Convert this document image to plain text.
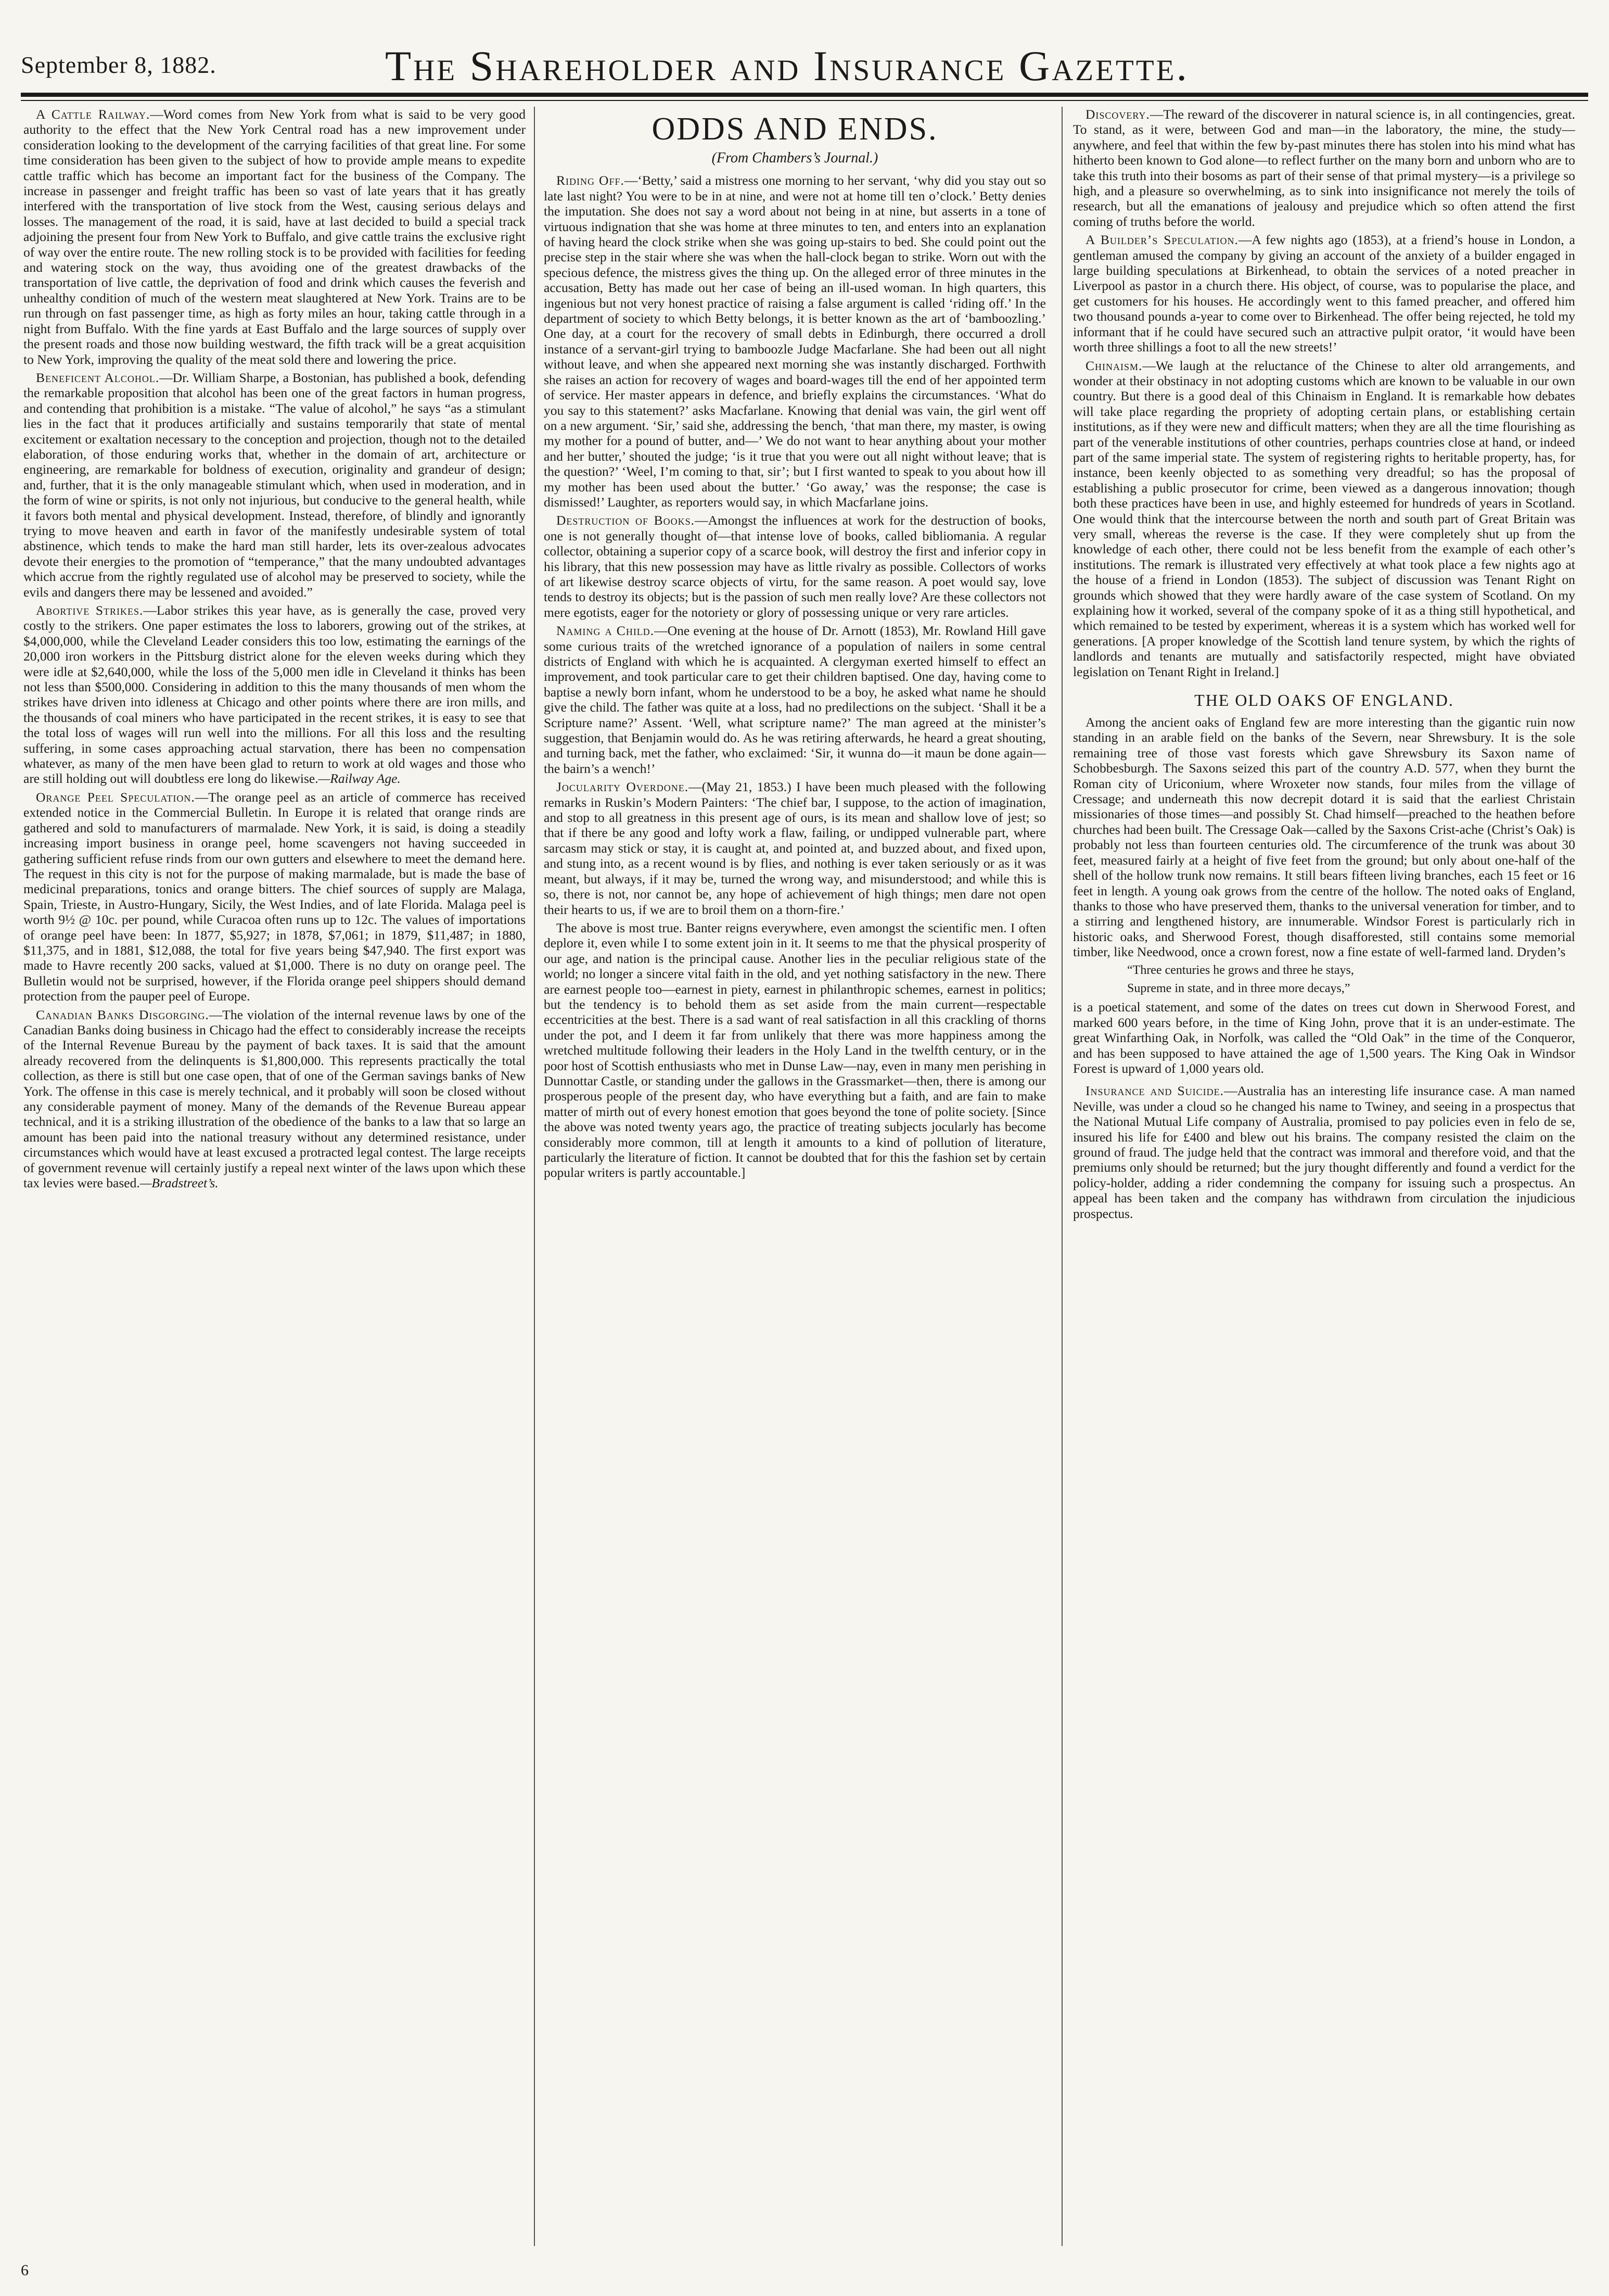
September 8, 1882.	The Shareholder and Insurance Gazette.

A Cattle Railway.—Word comes from New York from what is said to be very good authority to the effect that the New York Central road has a new improvement under consideration looking to the development of the carrying facilities of that great line. For some time consideration has been given to the subject of how to provide ample means to expedite cattle traffic which has become an important fact for the business of the Company. The increase in passenger and freight traffic has been so vast of late years that it has greatly interfered with the transportation of live stock from the West, causing serious delays and losses. The management of the road, it is said, have at last decided to build a special track adjoining the present four from New York to Buffalo, and give cattle trains the exclusive right of way over the entire route. The new rolling stock is to be provided with facilities for feeding and watering stock on the way, thus avoiding one of the greatest drawbacks of the transportation of live cattle, the deprivation of food and drink which causes the feverish and unhealthy condition of much of the western meat slaughtered at New York. Trains are to be run through on fast passenger time, as high as forty miles an hour, taking cattle through in a night from Buffalo. With the fine yards at East Buffalo and the large sources of supply over the present roads and those now building westward, the fifth track will be a great acquisition to New York, improving the quality of the meat sold there and lowering the price.

Beneficent Alcohol.—Dr. William Sharpe, a Bostonian, has published a book, defending the remarkable proposition that alcohol has been one of the great factors in human progress, and contending that prohibition is a mistake. “The value of alcohol,” he says “as a stimulant lies in the fact that it produces artificially and sustains temporarily that state of mental excitement or exaltation necessary to the conception and projection, though not to the detailed elaboration, of those enduring works that, whether in the domain of art, architecture or engineering, are remarkable for boldness of execution, originality and grandeur of design; and, further, that it is the only manageable stimulant which, when used in moderation, and in the form of wine or spirits, is not only not injurious, but conducive to the general health, while it favors both mental and physical development. Instead, therefore, of blindly and ignorantly trying to move heaven and earth in favor of the manifestly undesirable system of total abstinence, which tends to make the hard man still harder, lets its over-zealous advocates devote their energies to the promotion of “temperance,” that the many undoubted advantages which accrue from the rightly regulated use of alcohol may be preserved to society, while the evils and dangers there may be lessened and avoided.”

Abortive Strikes.—Labor strikes this year have, as is generally the case, proved very costly to the strikers. One paper estimates the loss to laborers, growing out of the strikes, at $4,000,000, while the Cleveland Leader considers this too low, estimating the earnings of the 20,000 iron workers in the Pittsburg district alone for the eleven weeks during which they were idle at $2,640,000, while the loss of the 5,000 men idle in Cleveland it thinks has been not less than $500,000. Considering in addition to this the many thousands of men whom the strikes have driven into idleness at Chicago and other points where there are iron mills, and the thousands of coal miners who have participated in the recent strikes, it is easy to see that the total loss of wages will run well into the millions. For all this loss and the resulting suffering, in some cases approaching actual starvation, there has been no compensation whatever, as many of the men have been glad to return to work at old wages and those who are still holding out will doubtless ere long do likewise.—Railway Age.

Orange Peel Speculation.—The orange peel as an article of commerce has received extended notice in the Commercial Bulletin. In Europe it is related that orange rinds are gathered and sold to manufacturers of marmalade. New York, it is said, is doing a steadily increasing import business in orange peel, home scavengers not having succeeded in gathering sufficient refuse rinds from our own gutters and elsewhere to meet the demand here. The request in this city is not for the purpose of making marmalade, but is made the base of medicinal preparations, tonics and orange bitters. The chief sources of supply are Malaga, Spain, Trieste, in Austro-Hungary, Sicily, the West Indies, and of late Florida. Malaga peel is worth 9½ @ 10c. per pound, while Curacoa often runs up to 12c. The values of importations of orange peel have been: In 1877, $5,927; in 1878, $7,061; in 1879, $11,487; in 1880, $11,375, and in 1881, $12,088, the total for five years being $47,940. The first export was made to Havre recently 200 sacks, valued at $1,000. There is no duty on orange peel. The Bulletin would not be surprised, however, if the Florida orange peel shippers should demand protection from the pauper peel of Europe.

Canadian Banks Disgorging.—The violation of the internal revenue laws by one of the Canadian Banks doing business in Chicago had the effect to considerably increase the receipts of the Internal Revenue Bureau by the payment of back taxes. It is said that the amount already recovered from the delinquents is $1,800,000. This represents practically the total collection, as there is still but one case open, that of one of the German savings banks of New York. The offense in this case is merely technical, and it probably will soon be closed without any considerable payment of money. Many of the demands of the Revenue Bureau appear technical, and it is a striking illustration of the obedience of the banks to a law that so large an amount has been paid into the national treasury without any determined resistance, under circumstances which would have at least excused a protracted legal contest. The large receipts of government revenue will certainly justify a repeal next winter of the laws upon which these tax levies were based.—Bradstreet’s.

ODDS AND ENDS.
(From Chambers’s Journal.)

Riding Off.—‘Betty,’ said a mistress one morning to her servant, ‘why did you stay out so late last night? You were to be in at nine, and were not at home till ten o’clock.’ Betty denies the imputation. She does not say a word about not being in at nine, but asserts in a tone of virtuous indignation that she was home at three minutes to ten, and enters into an explanation of having heard the clock strike when she was going up-stairs to bed. She could point out the precise step in the stair where she was when the hall-clock began to strike. Worn out with the specious defence, the mistress gives the thing up. On the alleged error of three minutes in the accusation, Betty has made out her case of being an ill-used woman. In high quarters, this ingenious but not very honest practice of raising a false argument is called ‘riding off.’ In the department of society to which Betty belongs, it is better known as the art of ‘bamboozling.’ One day, at a court for the recovery of small debts in Edinburgh, there occurred a droll instance of a servant-girl trying to bamboozle Judge Macfarlane. She had been out all night without leave, and when she appeared next morning she was instantly discharged. Forthwith she raises an action for recovery of wages and board-wages till the end of her appointed term of service. Her master appears in defence, and briefly explains the circumstances. ‘What do you say to this statement?’ asks Macfarlane. Knowing that denial was vain, the girl went off on a new argument. ‘Sir,’ said she, addressing the bench, ‘that man there, my master, is owing my mother for a pound of butter, and—’ We do not want to hear anything about your mother and her butter,’ shouted the judge; ‘is it true that you were out all night without leave; that is the question?’ ‘Weel, I’m coming to that, sir’; but I first wanted to speak to you about how ill my mother has been used about the butter.’ ‘Go away,’ was the response; the case is dismissed!’ Laughter, as reporters would say, in which Macfarlane joins.

Destruction of Books.—Amongst the influences at work for the destruction of books, one is not generally thought of—that intense love of books, called bibliomania. A regular collector, obtaining a superior copy of a scarce book, will destroy the first and inferior copy in his library, that this new possession may have as little rivalry as possible. Collectors of works of art likewise destroy scarce objects of virtu, for the same reason. A poet would say, love tends to destroy its objects; but is the passion of such men really love? Are these collectors not mere egotists, eager for the notoriety or glory of possessing unique or very rare articles.

Naming a Child.—One evening at the house of Dr. Arnott (1853), Mr. Rowland Hill gave some curious traits of the wretched ignorance of a population of nailers in some central districts of England with which he is acquainted. A clergyman exerted himself to effect an improvement, and took particular care to get their children baptised. One day, having come to baptise a newly born infant, whom he understood to be a boy, he asked what name he should give the child. The father was quite at a loss, had no predilections on the subject. ‘Shall it be a Scripture name?’ Assent. ‘Well, what scripture name?’ The man agreed at the minister’s suggestion, that Benjamin would do. As he was retiring afterwards, he heard a great shouting, and turning back, met the father, who exclaimed: ‘Sir, it wunna do—it maun be done again—the bairn’s a wench!’

Jocularity Overdone.—(May 21, 1853.) I have been much pleased with the following remarks in Ruskin’s Modern Painters: ‘The chief bar, I suppose, to the action of imagination, and stop to all greatness in this present age of ours, is its mean and shallow love of jest; so that if there be any good and lofty work a flaw, failing, or undipped vulnerable part, where sarcasm may stick or stay, it is caught at, and pointed at, and buzzed about, and fixed upon, and stung into, as a recent wound is by flies, and nothing is ever taken seriously or as it was meant, but always, if it may be, turned the wrong way, and misunderstood; and while this is so, there is not, nor cannot be, any hope of achievement of high things; men dare not open their hearts to us, if we are to broil them on a thorn-fire.’

The above is most true. Banter reigns everywhere, even amongst the scientific men. I often deplore it, even while I to some extent join in it. It seems to me that the physical prosperity of our age, and nation is the principal cause. Another lies in the peculiar religious state of the world; no longer a sincere vital faith in the old, and yet nothing satisfactory in the new. There are earnest people too—earnest in piety, earnest in philanthropic schemes, earnest in politics; but the tendency is to behold them as set aside from the main current—respectable eccentricities at the best. There is a sad want of real satisfaction in all this crackling of thorns under the pot, and I deem it far from unlikely that there was more happiness among the wretched multitude following their leaders in the Holy Land in the twelfth century, or in the poor host of Scottish enthusiasts who met in Dunse Law—nay, even in many men perishing in Dunnottar Castle, or standing under the gallows in the Grassmarket—then, there is among our prosperous people of the present day, who have everything but a faith, and are fain to make matter of mirth out of every honest emotion that goes beyond the tone of polite society. [Since the above was noted twenty years ago, the practice of treating subjects jocularly has become considerably more common, till at length it amounts to a kind of pollution of literature, particularly the literature of fiction. It cannot be doubted that for this the fashion set by certain popular writers is partly accountable.]

Discovery.—The reward of the discoverer in natural science is, in all contingencies, great. To stand, as it were, between God and man—in the laboratory, the mine, the study—anywhere, and feel that within the few by-past minutes there has stolen into his mind what has hitherto been known to God alone—to reflect further on the many born and unborn who are to take this truth into their bosoms as part of their sense of that primal mystery—is a privilege so high, and a pleasure so overwhelming, as to sink into insignificance not merely the toils of research, but all the emanations of jealousy and prejudice which so often attend the first coming of truths before the world.

A Builder’s Speculation.—A few nights ago (1853), at a friend’s house in London, a gentleman amused the company by giving an account of the anxiety of a builder engaged in large building speculations at Birkenhead, to obtain the services of a noted preacher in Liverpool as pastor in a church there. His object, of course, was to popularise the place, and get customers for his houses. He accordingly went to this famed preacher, and offered him two thousand pounds a-year to come over to Birkenhead. The offer being rejected, he told my informant that if he could have secured such an attractive pulpit orator, ‘it would have been worth three shillings a foot to all the new streets!’

Chinaism.—We laugh at the reluctance of the Chinese to alter old arrangements, and wonder at their obstinacy in not adopting customs which are known to be valuable in our own country. But there is a good deal of this Chinaism in England. It is remarkable how debates will take place regarding the propriety of adopting certain plans, or establishing certain institutions, as if they were new and difficult matters; when they are all the time flourishing as part of the venerable institutions of other countries, perhaps countries close at hand, or indeed part of the same imperial state. The system of registering rights to heritable property, has, for instance, been keenly objected to as something very dreadful; so has the proposal of establishing a public prosecutor for crime, been viewed as a dangerous innovation; though both these practices have been in use, and highly esteemed for hundreds of years in Scotland. One would think that the intercourse between the north and south part of Great Britain was very small, whereas the reverse is the case. If they were completely shut up from the knowledge of each other, there could not be less benefit from the example of each other’s institutions. The remark is illustrated very effectively at what took place a few nights ago at the house of a friend in London (1853). The subject of discussion was Tenant Right on grounds which showed that they were hardly aware of the case system of Scotland. On my explaining how it worked, several of the company spoke of it as a thing still hypothetical, and which remained to be tested by experiment, whereas it is a system which has worked well for generations. [A proper knowledge of the Scottish land tenure system, by which the rights of landlords and tenants are mutually and satisfactorily respected, might have obviated legislation on Tenant Right in Ireland.]

THE OLD OAKS OF ENGLAND.

Among the ancient oaks of England few are more interesting than the gigantic ruin now standing in an arable field on the banks of the Severn, near Shrewsbury. It is the sole remaining tree of those vast forests which gave Shrewsbury its Saxon name of Schobbesburgh. The Saxons seized this part of the country A.D. 577, when they burnt the Roman city of Uriconium, where Wroxeter now stands, four miles from the village of Cressage; and underneath this now decrepit dotard it is said that the earliest Christain missionaries of those times—and possibly St. Chad himself—preached to the heathen before churches had been built. The Cressage Oak—called by the Saxons Crist-ache (Christ’s Oak) is probably not less than fourteen centuries old. The circumference of the trunk was about 30 feet, measured fairly at a height of five feet from the ground; but only about one-half of the shell of the hollow trunk now remains. It still bears fifteen living branches, each 15 feet or 16 feet in length. A young oak grows from the centre of the hollow. The noted oaks of England, thanks to those who have preserved them, thanks to the universal veneration for timber, and to a stirring and lengthened history, are innumerable. Windsor Forest is particularly rich in historic oaks, and Sherwood Forest, though disafforested, still contains some memorial timber, like Needwood, once a crown forest, now a fine estate of well-farmed land. Dryden’s

“Three centuries he grows and three he stays,

Supreme in state, and in three more decays,”

is a poetical statement, and some of the dates on trees cut down in Sherwood Forest, and marked 600 years before, in the time of King John, prove that it is an under-estimate. The great Winfarthing Oak, in Norfolk, was called the “Old Oak” in the time of the Conqueror, and has been supposed to have attained the age of 1,500 years. The King Oak in Windsor Forest is upward of 1,000 years old.

Insurance and Suicide.—Australia has an interesting life insurance case. A man named Neville, was under a cloud so he changed his name to Twiney, and seeing in a prospectus that the National Mutual Life company of Australia, promised to pay policies even in felo de se, insured his life for £400 and blew out his brains. The company resisted the claim on the ground of fraud. The judge held that the contract was immoral and therefore void, and that the premiums only should be returned; but the jury thought differently and found a verdict for the policy-holder, adding a rider condemning the company for issuing such a prospectus. An appeal has been taken and the company has withdrawn from circulation the injudicious prospectus.

6
